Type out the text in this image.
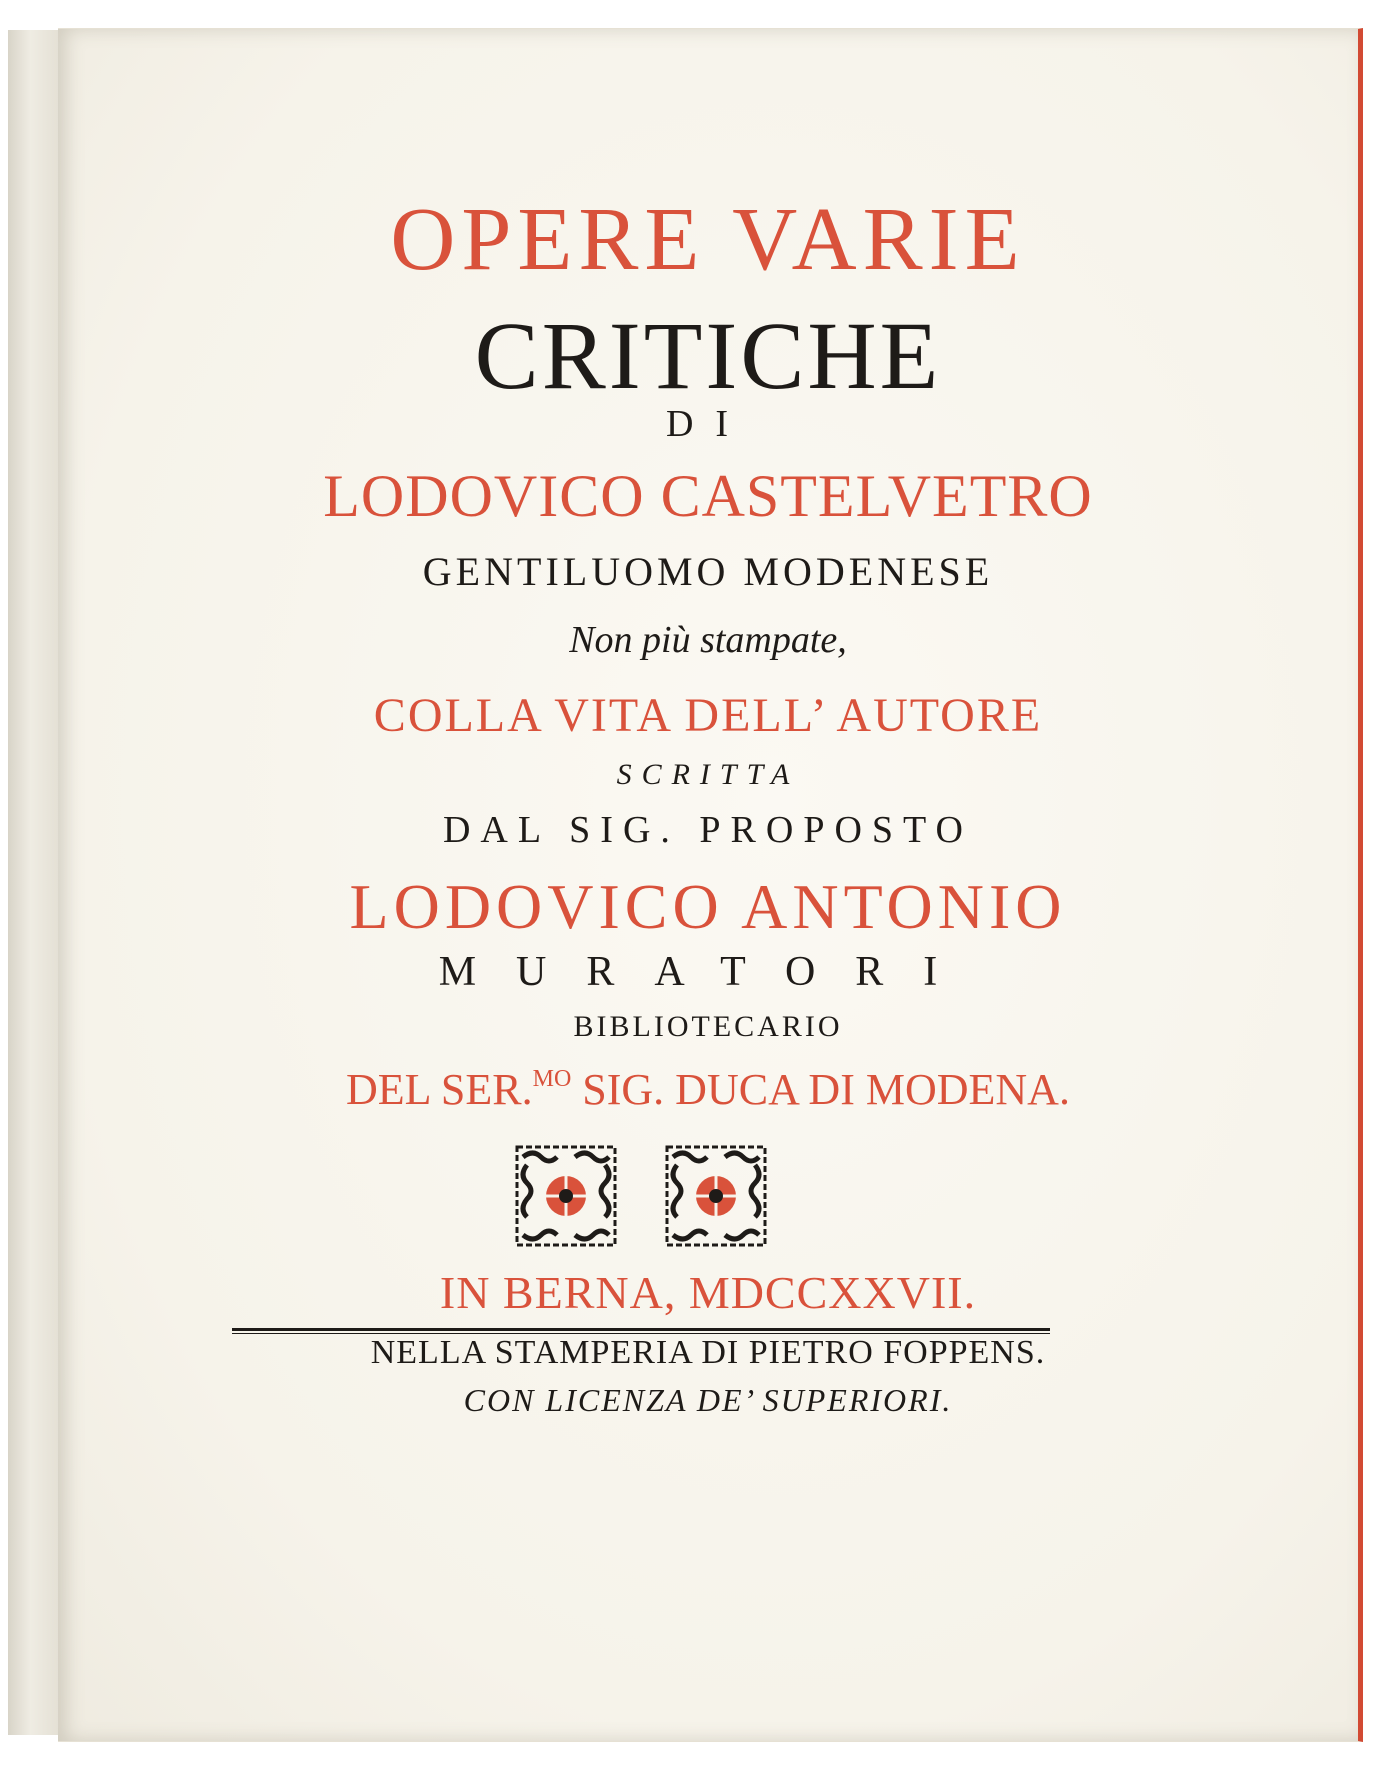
OPERE VARIE
CRITICHE
DI
LODOVICO CASTELVETRO
GENTILUOMO MODENESE
Non più stampate,
COLLA VITA DELL’ AUTORE
SCRITTA
DAL SIG. PROPOSTO
LODOVICO ANTONIO
MURATORI
BIBLIOTECARIO
DEL SER.$^{MO}$ SIG. DUCA DI MODENA.
IN BERNA, MDCCXXVII.
NELLA STAMPERIA DI PIETRO FOPPENS.
CON LICENZA DE’ SUPERIORI.
